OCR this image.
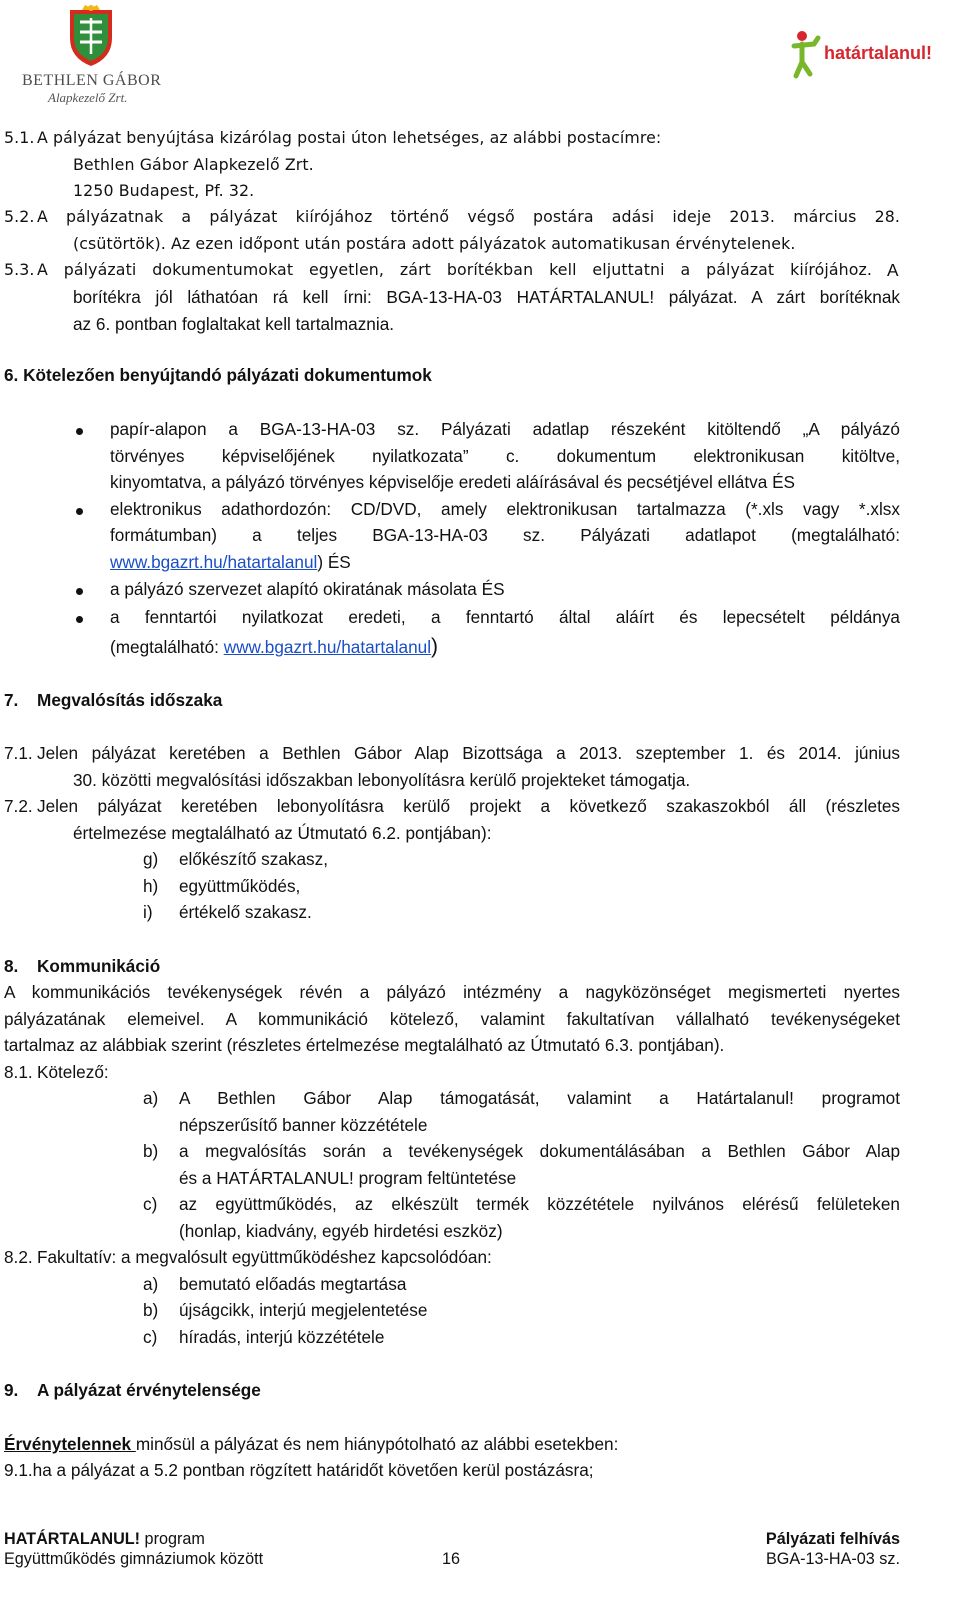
BETHLEN GÁBOR
Alapkezelő Zrt.
határtalanul!
5.1. A pályázat benyújtása kizárólag postai úton lehetséges, az alábbi postacímre:
Bethlen Gábor Alapkezelő Zrt.
1250 Budapest, Pf. 32.
5.2. A pályázatnak a pályázat kiírójához történő végső postára adási ideje 2013. március 28.
(csütörtök). Az ezen időpont után postára adott pályázatok automatikusan érvénytelenek.
5.3. A pályázati dokumentumokat egyetlen, zárt borítékban kell eljuttatni a pályázat kiírójához. A
borítékra jól láthatóan rá kell írni: BGA-13-HA-03 HATÁRTALANUL! pályázat. A zárt borítéknak
az 6. pontban foglaltakat kell tartalmaznia.
6. Kötelezően benyújtandó pályázati dokumentumok
papír-alapon a BGA-13-HA-03 sz. Pályázati adatlap részeként kitöltendő „A pályázó
törvényes képviselőjének nyilatkozata” c. dokumentum elektronikusan kitöltve,
kinyomtatva, a pályázó törvényes képviselője eredeti aláírásával és pecsétjével ellátva ÉS
elektronikus adathordozón: CD/DVD, amely elektronikusan tartalmazza (*.xls vagy *.xlsx
formátumban) a teljes BGA-13-HA-03 sz. Pályázati adatlapot (megtalálható:
www.bgazrt.hu/hatartalanul) ÉS
a pályázó szervezet alapító okiratának másolata ÉS
a fenntartói nyilatkozat eredeti, a fenntartó által aláírt és lepecsételt példánya
(megtalálható: www.bgazrt.hu/hatartalanul)
7. Megvalósítás időszaka
7.1. Jelen pályázat keretében a Bethlen Gábor Alap Bizottsága a 2013. szeptember 1. és 2014. június
30. közötti megvalósítási időszakban lebonyolításra kerülő projekteket támogatja.
7.2. Jelen pályázat keretében lebonyolításra kerülő projekt a következő szakaszokból áll (részletes
értelmezése megtalálható az Útmutató 6.2. pontjában):
g) előkészítő szakasz,
h) együttműködés,
i) értékelő szakasz.
8. Kommunikáció
A kommunikációs tevékenységek révén a pályázó intézmény a nagyközönséget megismerteti nyertes
pályázatának elemeivel. A kommunikáció kötelező, valamint fakultatívan vállalható tevékenységeket
tartalmaz az alábbiak szerint (részletes értelmezése megtalálható az Útmutató 6.3. pontjában).
8.1. Kötelező:
a) A Bethlen Gábor Alap támogatását, valamint a Határtalanul! programot
népszerűsítő banner közzététele
b) a megvalósítás során a tevékenységek dokumentálásában a Bethlen Gábor Alap
és a HATÁRTALANUL! program feltüntetése
c) az együttműködés, az elkészült termék közzététele nyilvános elérésű felületeken
(honlap, kiadvány, egyéb hirdetési eszköz)
8.2. Fakultatív: a megvalósult együttműködéshez kapcsolódóan:
a) bemutató előadás megtartása
b) újságcikk, interjú megjelentetése
c) híradás, interjú közzététele
9. A pályázat érvénytelensége
Érvénytelennek minősül a pályázat és nem hiánypótolható az alábbi esetekben:
9.1.ha a pályázat a 5.2 pontban rögzített határidőt követően kerül postázásra;
HATÁRTALANUL! program
Együttműködés gimnáziumok között	16
Pályázati felhívás
BGA-13-HA-03 sz.
